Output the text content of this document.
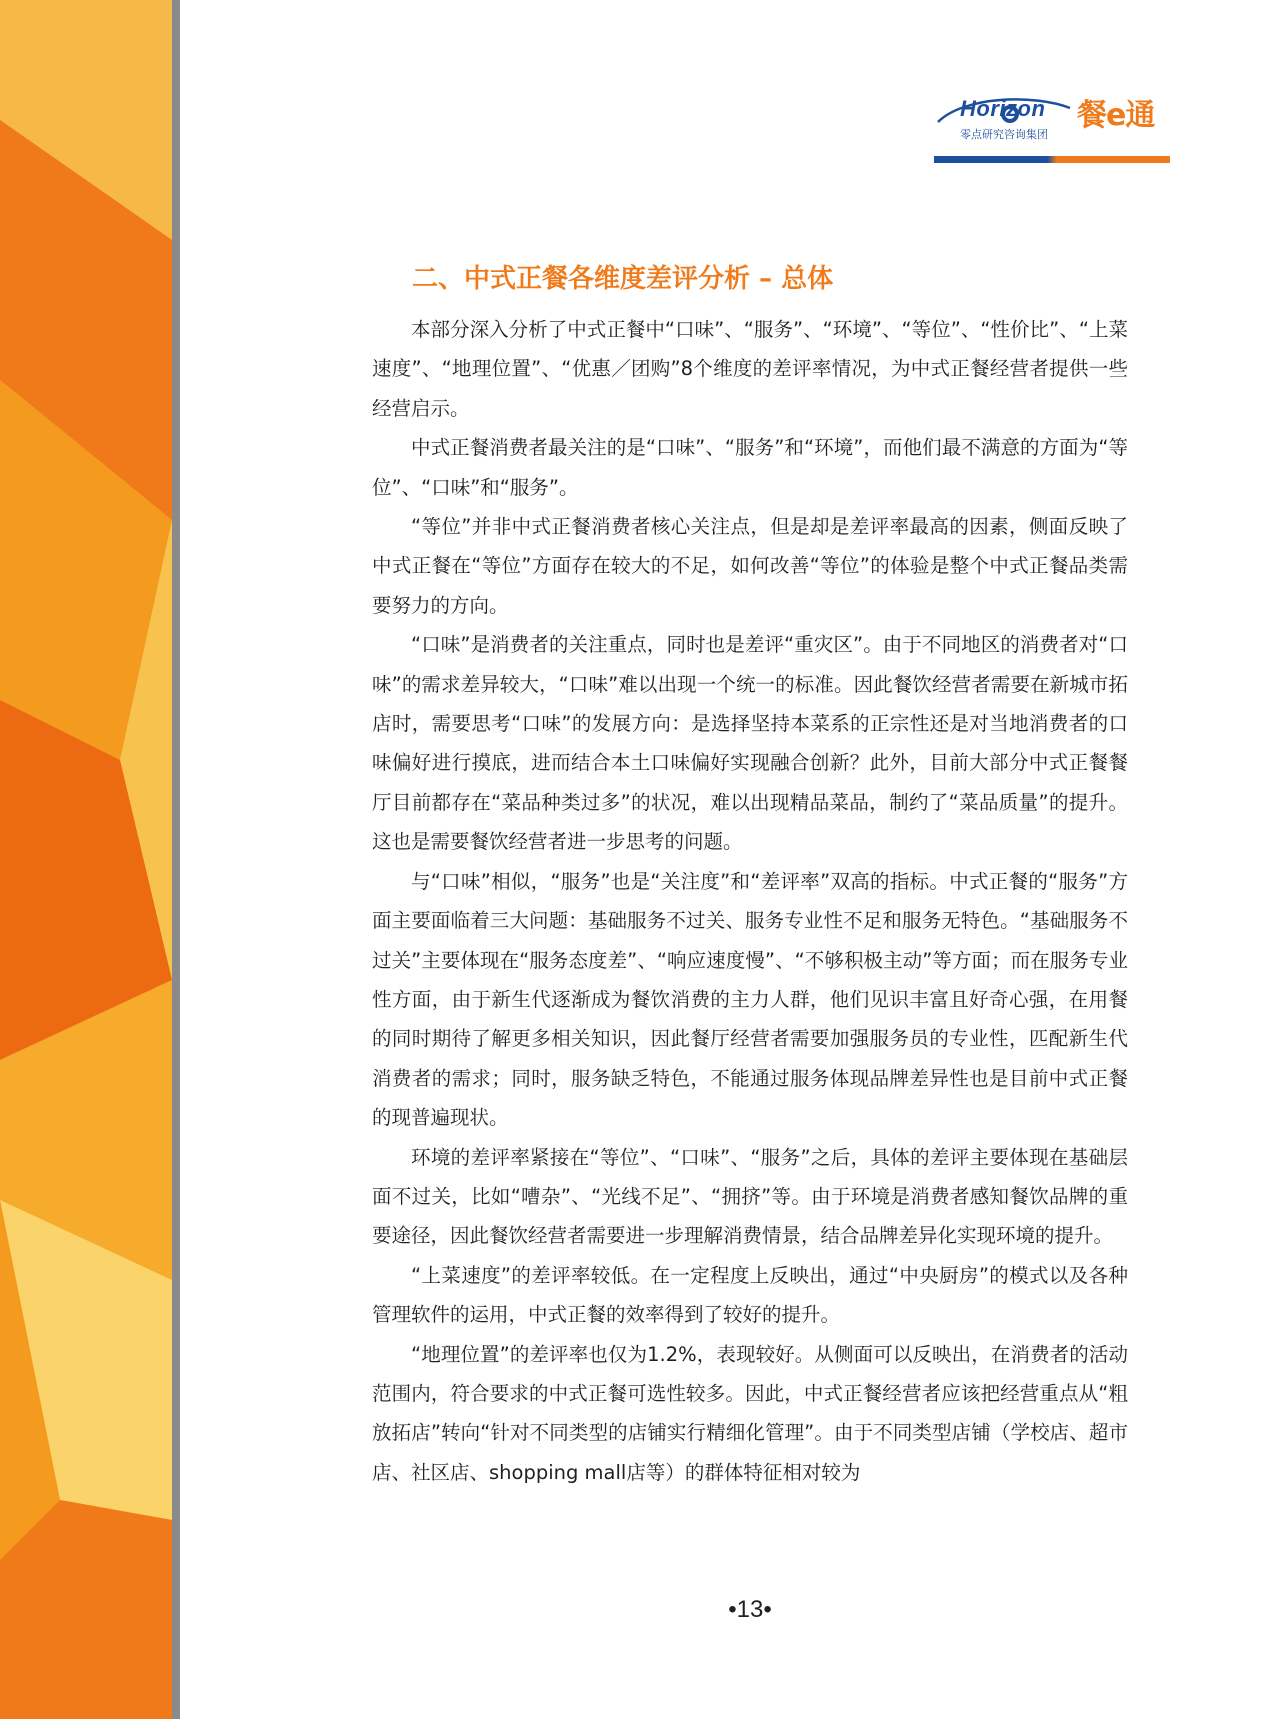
Horizon
零点研究咨询集团
餐e通
二、中式正餐各维度差评分析 – 总体

本部分深入分析了中式正餐中“口味”、“服务”、“环境”、“等位”、“性价比”、“上菜速度”、“地理位置”、“优惠／团购”8个维度的差评率情况，为中式正餐经营者提供一些经营启示。

中式正餐消费者最关注的是“口味”、“服务”和“环境”，而他们最不满意的方面为“等位”、“口味”和“服务”。

“等位”并非中式正餐消费者核心关注点，但是却是差评率最高的因素，侧面反映了中式正餐在“等位”方面存在较大的不足，如何改善“等位”的体验是整个中式正餐品类需要努力的方向。

“口味”是消费者的关注重点，同时也是差评“重灾区”。由于不同地区的消费者对“口味”的需求差异较大，“口味”难以出现一个统一的标准。因此餐饮经营者需要在新城市拓店时，需要思考“口味”的发展方向：是选择坚持本菜系的正宗性还是对当地消费者的口味偏好进行摸底，进而结合本土口味偏好实现融合创新？此外，目前大部分中式正餐餐厅目前都存在“菜品种类过多”的状况，难以出现精品菜品，制约了“菜品质量”的提升。这也是需要餐饮经营者进一步思考的问题。

与“口味”相似，“服务”也是“关注度”和“差评率”双高的指标。中式正餐的“服务”方面主要面临着三大问题：基础服务不过关、服务专业性不足和服务无特色。“基础服务不过关”主要体现在“服务态度差”、“响应速度慢”、“不够积极主动”等方面；而在服务专业性方面，由于新生代逐渐成为餐饮消费的主力人群，他们见识丰富且好奇心强，在用餐的同时期待了解更多相关知识，因此餐厅经营者需要加强服务员的专业性，匹配新生代消费者的需求；同时，服务缺乏特色，不能通过服务体现品牌差异性也是目前中式正餐的现普遍现状。

环境的差评率紧接在“等位”、“口味”、“服务”之后，具体的差评主要体现在基础层面不过关，比如“嘈杂”、“光线不足”、“拥挤”等。由于环境是消费者感知餐饮品牌的重要途径，因此餐饮经营者需要进一步理解消费情景，结合品牌差异化实现环境的提升。

“上菜速度”的差评率较低。在一定程度上反映出，通过“中央厨房”的模式以及各种管理软件的运用，中式正餐的效率得到了较好的提升。

“地理位置”的差评率也仅为1.2%，表现较好。从侧面可以反映出，在消费者的活动范围内，符合要求的中式正餐可选性较多。因此，中式正餐经营者应该把经营重点从“粗放拓店”转向“针对不同类型的店铺实行精细化管理”。由于不同类型店铺（学校店、超市店、社区店、shopping mall店等）的群体特征相对较为

•13•
